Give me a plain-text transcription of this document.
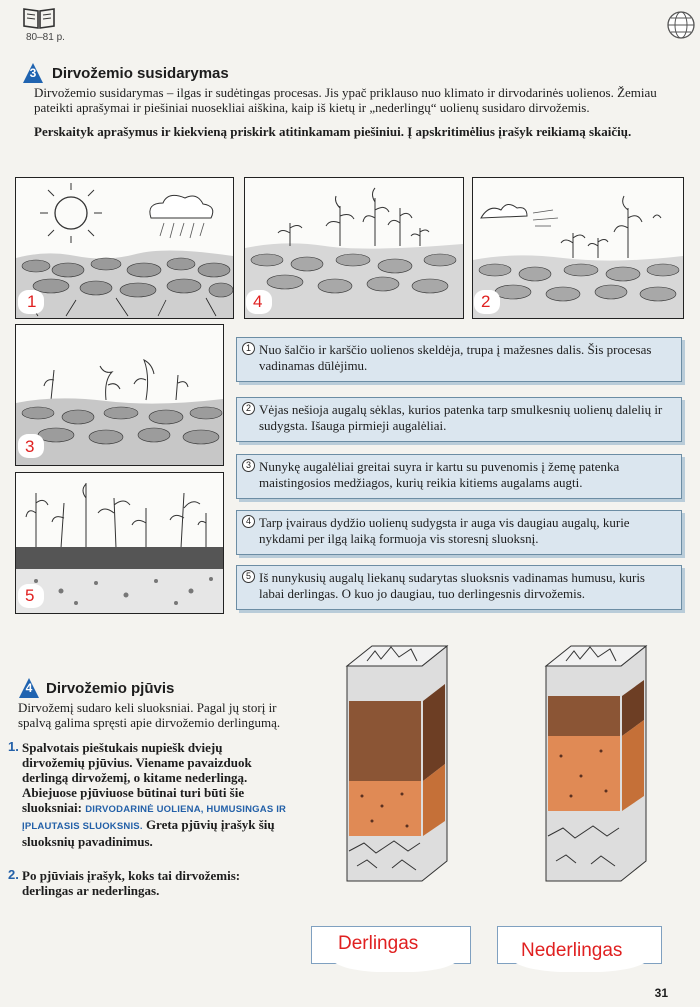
80–81 p.
3	Dirvožemio susidarymas
Dirvožemio susidarymas – ilgas ir sudėtingas procesas. Jis ypač priklauso nuo klimato ir dirvodarinės uolienos. Žemiau pateikti aprašymai ir piešiniai nuosekliai aiškina, kaip iš kietų ir „nederlingų“ uolienų susidaro dirvožemis.
Perskaityk aprašymus ir kiekvieną priskirk atitinkamam piešiniui. Į apskritimėlius įrašyk reikiamą skaičių.
1	4	2
3
5
1 Nuo šalčio ir karščio uolienos skeldėja, trupa į mažesnes dalis. Šis procesas vadinamas dūlėjimu.
2 Vėjas nešioja augalų sėklas, kurios patenka tarp smulkesnių uolienų dalelių ir sudygsta. Išauga pirmieji augalėliai.
3 Nunykę augalėliai greitai suyra ir kartu su puvenomis į žemę patenka maistingosios medžiagos, kurių reikia kitiems augalams augti.
4 Tarp įvairaus dydžio uolienų sudygsta ir auga vis daugiau augalų, kurie nykdami per ilgą laiką formuoja vis storesnį sluoksnį.
5 Iš nunykusių augalų liekanų sudarytas sluoksnis vadinamas humusu, kuris labai derlingas. O kuo jo daugiau, tuo derlingesnis dirvožemis.
4 Dirvožemio pjūvis
Dirvožemį sudaro keli sluoksniai. Pagal jų storį ir spalvą galima spręsti apie dirvožemio derlingumą.
1. Spalvotais pieštukais nupiešk dviejų dirvožemių pjūvius. Viename pavaizduok derlingą dirvožemį, o kitame nederlingą. Abiejuose pjūviuose būtinai turi būti šie sluoksniai: DIRVODARINĖ UOLIENA, HUMUSINGAS IR ĮPLAUTASIS SLUOKSNIS. Greta pjūvių įrašyk šių sluoksnių pavadinimus.
2. Po pjūviais įrašyk, koks tai dirvožemis: derlingas ar nederlingas.
Derlingas	Nederlingas
31
